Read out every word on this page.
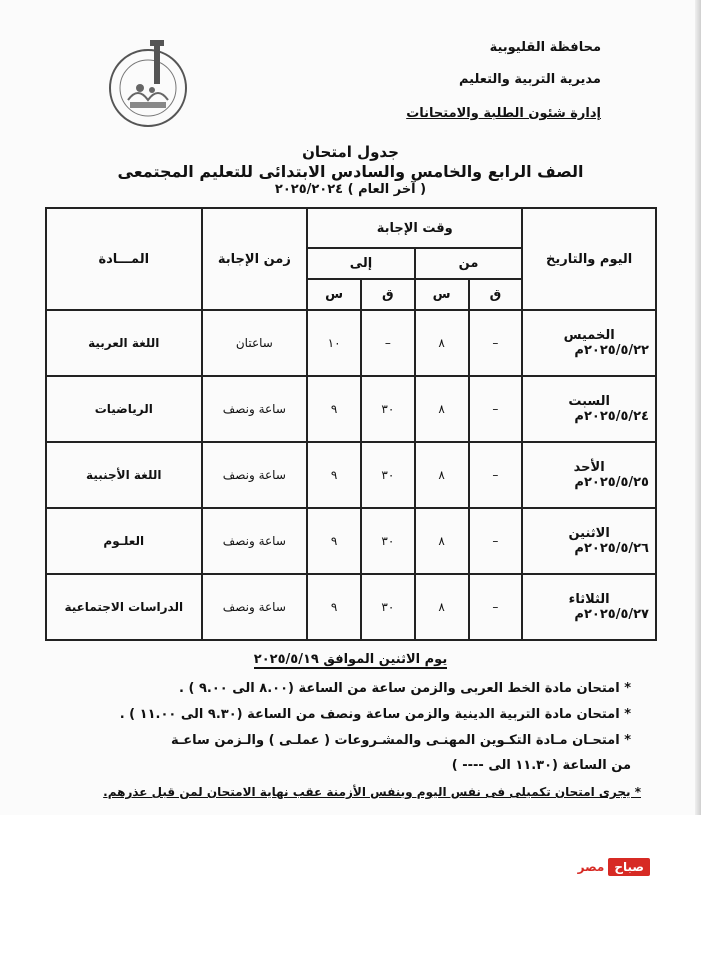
محافظة القليوبية
مديرية التربية والتعليم
إدارة شئون الطلبة والامتحانات
جدول امتحان
الصف الرابع والخامس والسادس الابتدائى للتعليم المجتمعى
( آخر العام ) ٢٠٢٥/٢٠٢٤
اليوم والتاريخ	وقت الإجابة				زمن الإجابة	المـــادة
	من		إلى			
	ق	س	ق	س		

الخميس
٢٠٢٥/٥/٢٢م	–	٨	–	١٠	ساعتان	اللغة العربية

السبت
٢٠٢٥/٥/٢٤م	–	٨	٣٠	٩	ساعة ونصف	الرياضيات

الأحد
٢٠٢٥/٥/٢٥م	–	٨	٣٠	٩	ساعة ونصف	اللغة الأجنبية

الاثنين
٢٠٢٥/٥/٢٦م	–	٨	٣٠	٩	ساعة ونصف	العلـوم

الثلاثاء
٢٠٢٥/٥/٢٧م	–	٨	٣٠	٩	ساعة ونصف	الدراسات الاجتماعية
يوم الاثنين الموافق ٢٠٢٥/٥/١٩
* امتحان مادة الخط العربى والزمن ساعة من الساعة (٨.٠٠ الى ٩.٠٠ ) .
* امتحان مادة التربية الدينية والزمن ساعة ونصف من الساعة (٩.٣٠ الى ١١.٠٠ ) .
* امتحـان مـادة التكـوين المهنـى والمشـروعات ( عملـى ) والـزمن ساعـة
من الساعة (١١.٣٠ الى ---- )
* يجرى امتحان تكميلى فى نفس اليوم وبنفس الأزمنة عقب نهاية الامتحان لمن قبل عذرهم.
صباح
مصر
